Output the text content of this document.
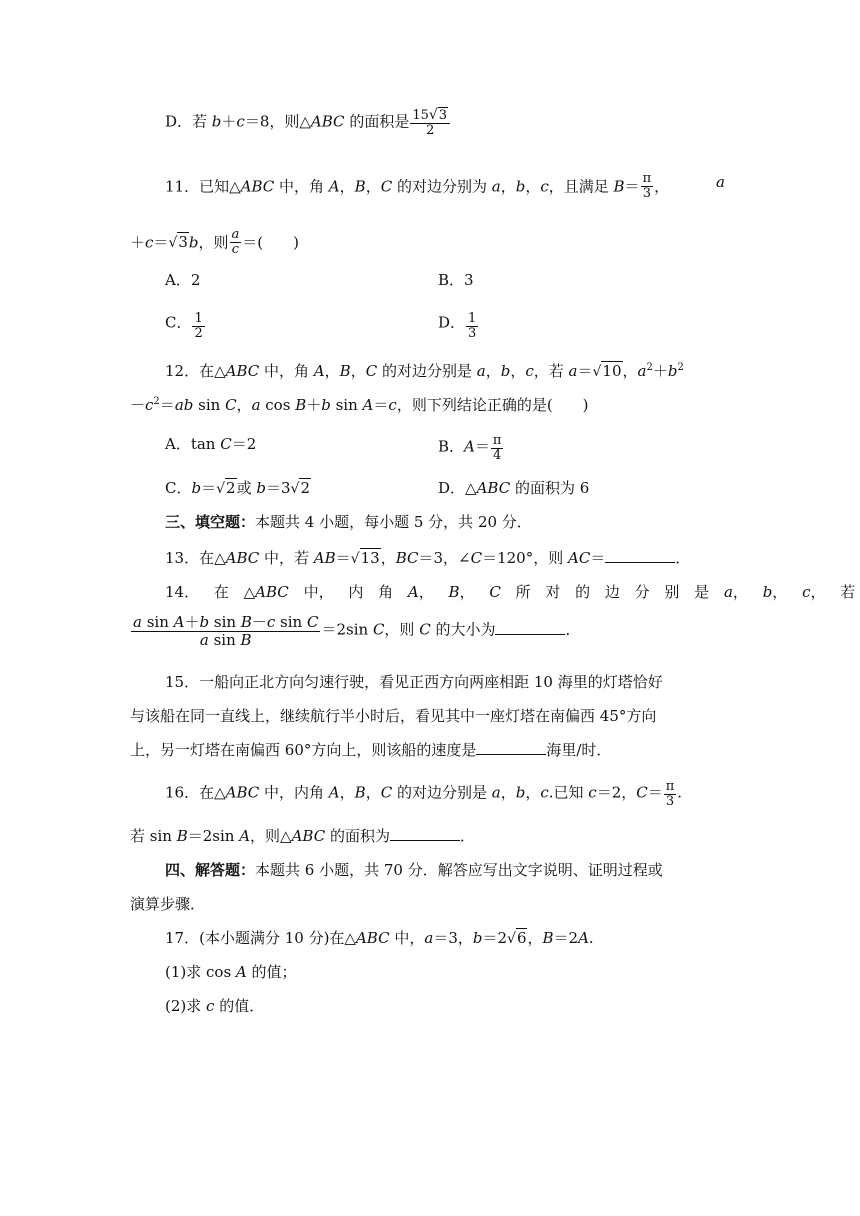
D．若 b＋c＝8，则△ABC 的面积是 $\frac{15√3}{2}$
11．已知△ABC 中，角 A，B，C 的对边分别为 a，b，c，且满足 $B= \frac{\pi}{3}$ ，	a
＋c＝√3b，则 $\frac{a}{c}$ ＝(　　)
A．2	B．3
C． $\frac{1}{2}$	D． $\frac{1}{3}$
12．在△ABC 中，角 A，B，C 的对边分别是 a，b，c，若 a＝√10，$a^2+b^2$
$-c^2=ab$ sin C，a cos B＋b sin A＝c，则下列结论正确的是(　　)
A．tan C＝2	B．$A= \frac{\pi}{4}$
C．b＝√2或 b＝3√2	D．△ABC 的面积为 6
三、填空题：本题共 4 小题，每小题 5 分，共 20 分．
13．在△ABC 中，若 AB＝√13，BC＝3，∠C＝120°，则 AC＝	．
14． 在 △ABC 中， 内 角 A， B， C 所 对 的 边 分 别 是 a， b， c， 若
$\frac{\text{a sin A＋b sin B－c sin C}}{\text{a sin B}} =2\sin$ C，则 C 的大小为	．
15．一船向正北方向匀速行驶，看见正西方向两座相距 10 海里的灯塔恰好
与该船在同一直线上，继续航行半小时后，看见其中一座灯塔在南偏西 45°方向
上，另一灯塔在南偏西 60°方向上，则该船的速度是	海里/时．
16．在△ABC 中，内角 A，B，C 的对边分别是 a，b，c.已知 c＝2，$C= \frac{\pi}{3}$ .
若 sin B＝2sin A，则△ABC 的面积为	．
四、解答题：本题共 6 小题，共 70 分．解答应写出文字说明、证明过程或
演算步骤．
17．(本小题满分 10 分)在△ABC 中，a＝3，b＝2√6，B＝2A.
(1)求 cos A 的值；
(2)求 c 的值．
